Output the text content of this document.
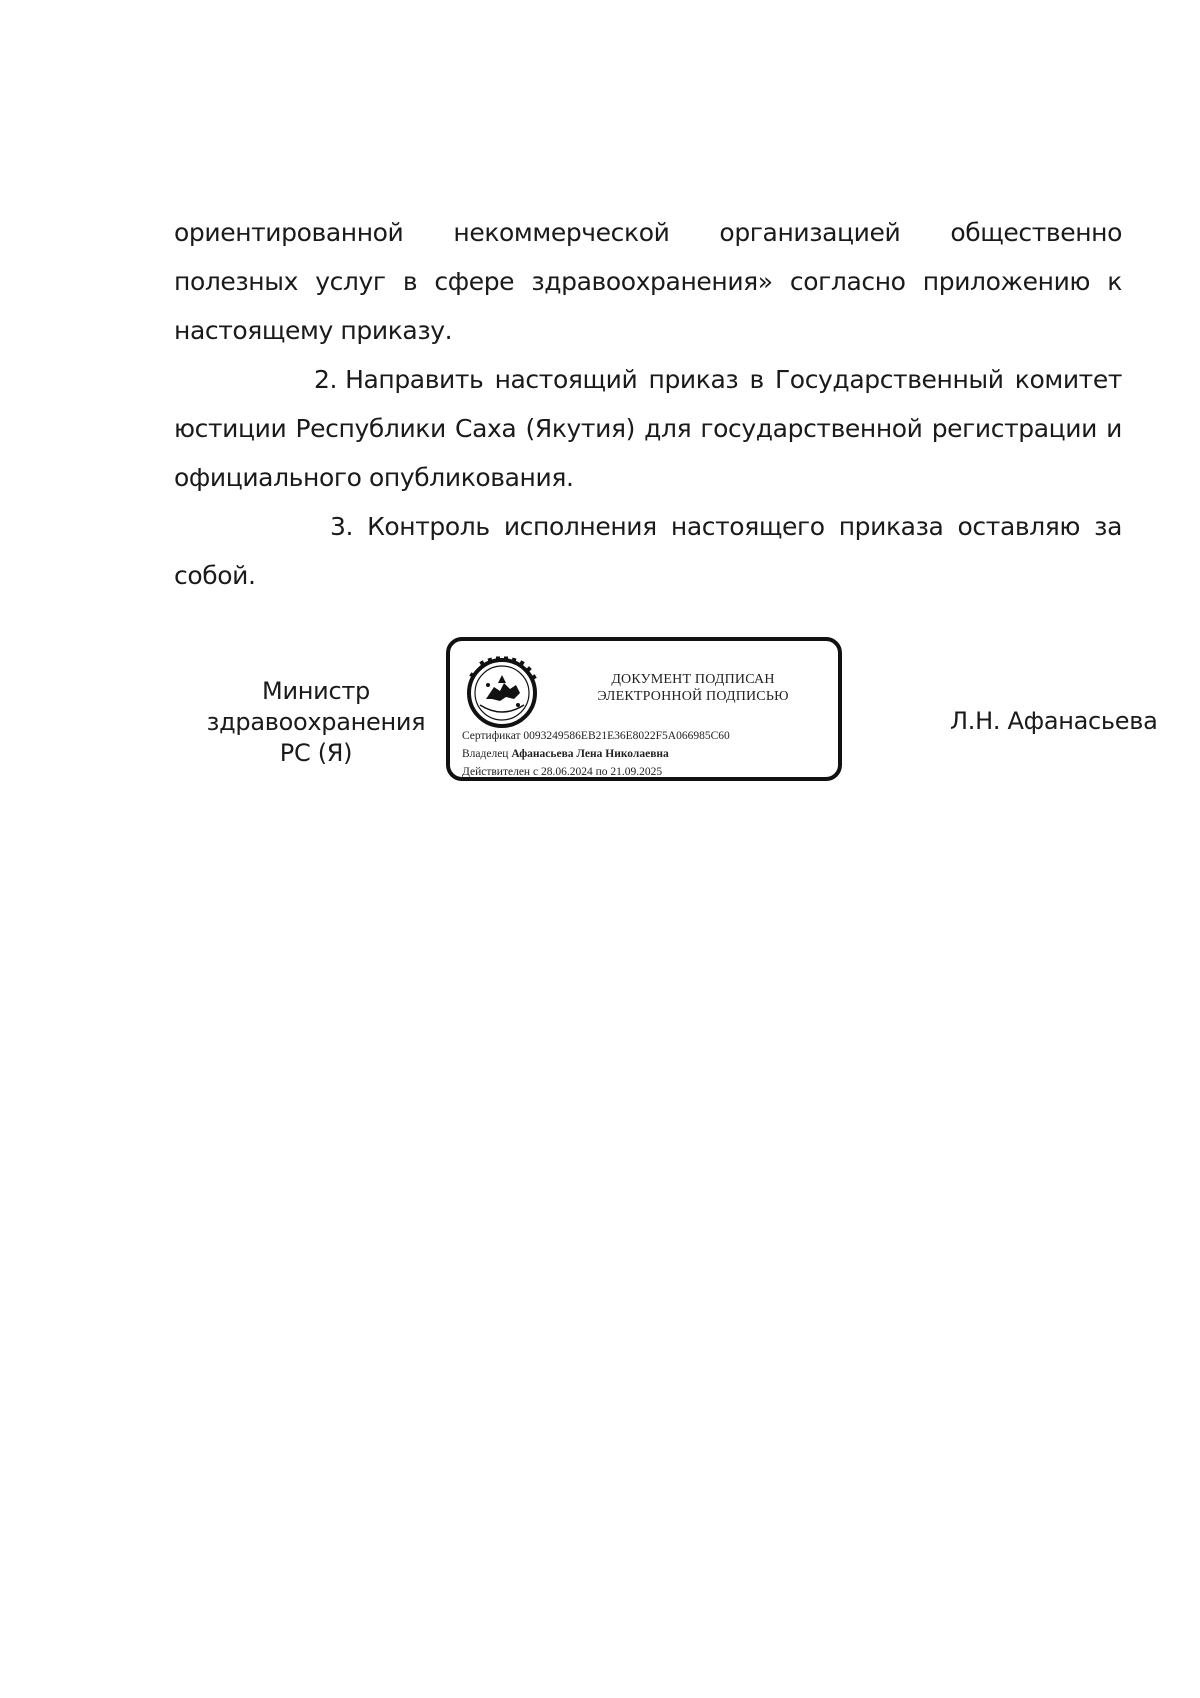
ориентированной некоммерческой организацией общественно полезных услуг в сфере здравоохранения» согласно приложению к настоящему приказу.

2. Направить настоящий приказ в Государственный комитет юстиции Республики Саха (Якутия) для государственной регистрации и официального опубликования.

3. Контроль исполнения настоящего приказа оставляю за собой.

Министр
здравоохранения
РС (Я)
ДОКУМЕНТ ПОДПИСАН
ЭЛЕКТРОННОЙ ПОДПИСЬЮ
Сертификат 0093249586EB21E36E8022F5A066985C60
Владелец Афанасьева Лена Николаевна
Действителен с 28.06.2024 по 21.09.2025
Л.Н. Афанасьева
